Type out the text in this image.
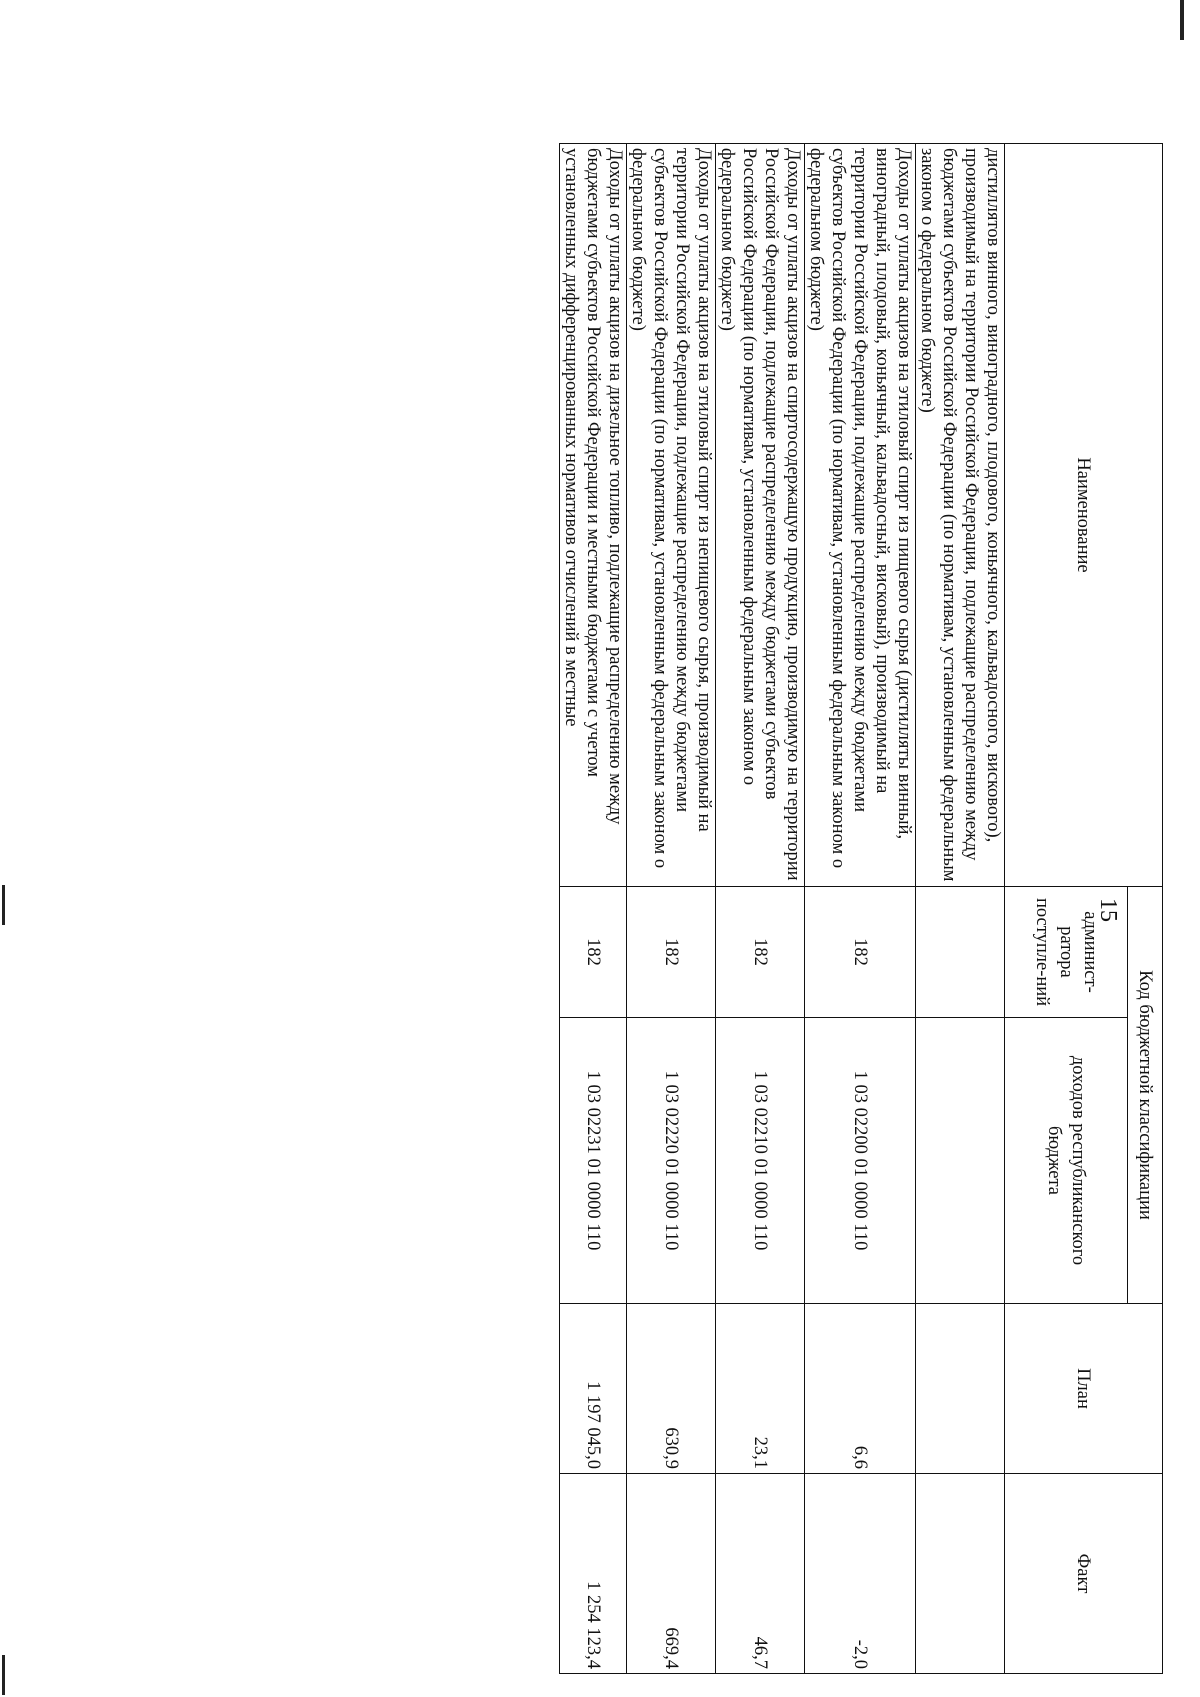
15
Наименование	Код бюджетной классификации		План	Факт
	админист-ратора поступле-ний	доходов республиканского бюджета		
дистиллятов винного, виноградного, плодового, коньячного, кальвадосного, вискового), производимый на территории Российской Федерации, подлежащие распределению между бюджетами субъектов Российской Федерации (по нормативам, установленным федеральным законом о федеральном бюджете)				
Доходы от уплаты акцизов на этиловый спирт из пищевого сырья (дистилляты винный, виноградный, плодовый, коньячный, кальвадосный, висковый), производимый на территории Российской Федерации, подлежащие распределению между бюджетами субъектов Российской Федерации (по нормативам, установленным федеральным законом о федеральном бюджете)	182	1 03 02200 01 0000 110	6,6	-2,0
Доходы от уплаты акцизов на спиртосодержащую продукцию, производимую на территории Российской Федерации, подлежащие распределению между бюджетами субъектов Российской Федерации (по нормативам, установленным федеральным законом о федеральном бюджете)	182	1 03 02210 01 0000 110	23,1	46,7
Доходы от уплаты акцизов на этиловый спирт из непищевого сырья, производимый на территории Российской Федерации, подлежащие распределению между бюджетами субъектов Российской Федерации (по нормативам, установленным федеральным законом о федеральном бюджете)	182	1 03 02220 01 0000 110	630,9	669,4
Доходы от уплаты акцизов на дизельное топливо, подлежащие распределению между бюджетами субъектов Российской Федерации и местными бюджетами с учетом установленных дифференцированных нормативов отчислений в местные	182	1 03 02231 01 0000 110	1 197 045,0	1 254 123,4
